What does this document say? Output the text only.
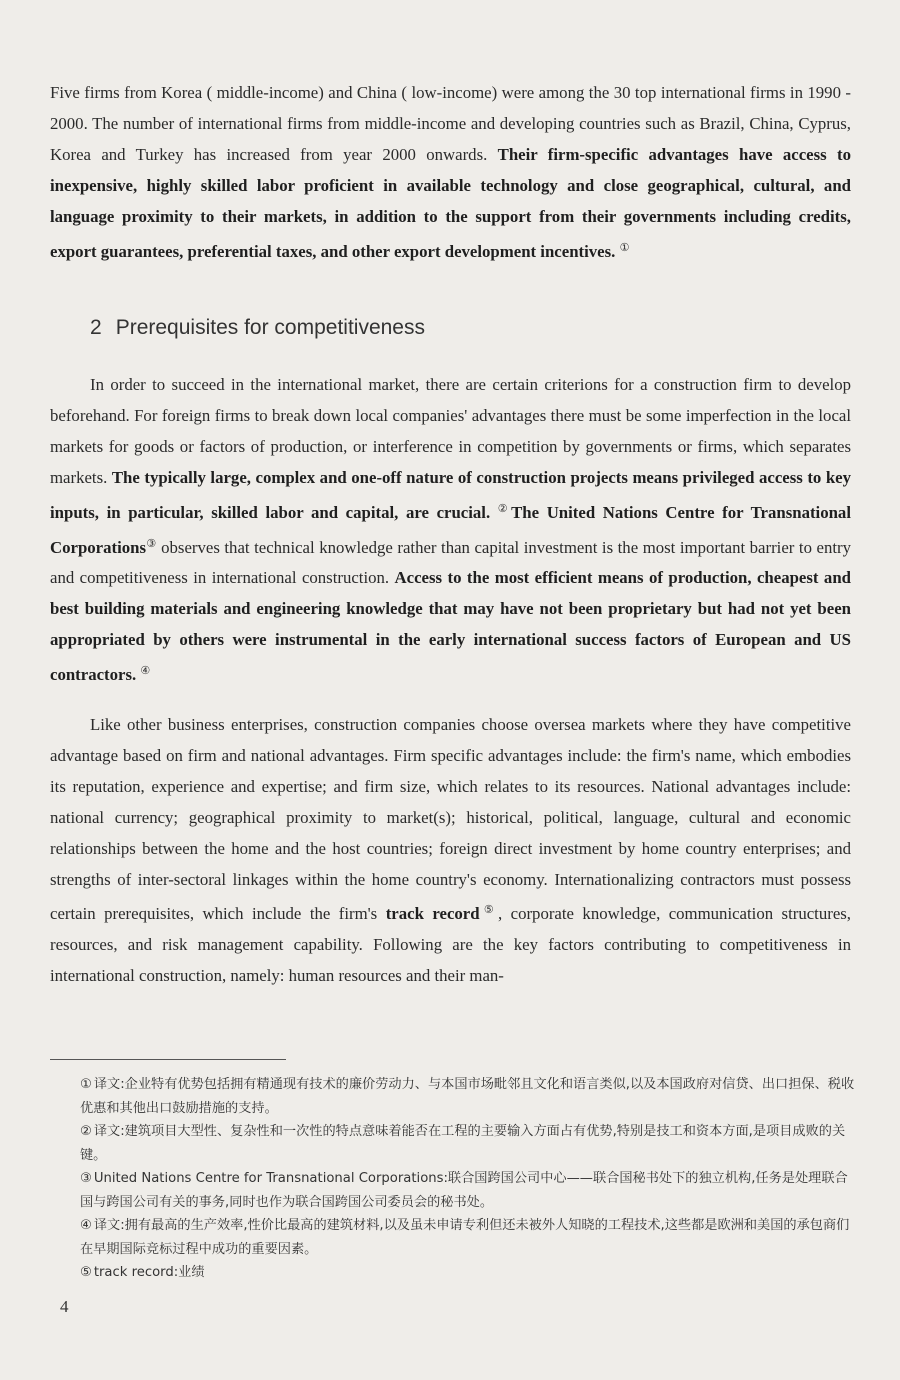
Five firms from Korea ( middle-income) and China ( low-income) were among the 30 top international firms in 1990 - 2000. The number of international firms from middle-income and developing countries such as Brazil, China, Cyprus, Korea and Turkey has increased from year 2000 onwards. Their firm-specific advantages have access to inexpensive, highly skilled labor proficient in available technology and close geographical, cultural, and language proximity to their markets, in addition to the support from their governments including credits, export guarantees, preferential taxes, and other export development incentives. ①

2 Prerequisites for competitiveness

In order to succeed in the international market, there are certain criterions for a construction firm to develop beforehand. For foreign firms to break down local companies' advantages there must be some imperfection in the local markets for goods or factors of production, or interference in competition by governments or firms, which separates markets. The typically large, complex and one-off nature of construction projects means privileged access to key inputs, in particular, skilled labor and capital, are crucial. ②The United Nations Centre for Transnational Corporations③ observes that technical knowledge rather than capital investment is the most important barrier to entry and competitiveness in international construction. Access to the most efficient means of production, cheapest and best building materials and engineering knowledge that may have not been proprietary but had not yet been appropriated by others were instrumental in the early international success factors of European and US contractors. ④

Like other business enterprises, construction companies choose oversea markets where they have competitive advantage based on firm and national advantages. Firm specific advantages include: the firm's name, which embodies its reputation, experience and expertise; and firm size, which relates to its resources. National advantages include: national currency; geographical proximity to market(s); historical, political, language, cultural and economic relationships between the home and the host countries; foreign direct investment by home country enterprises; and strengths of inter-sectoral linkages within the home country's economy. Internationalizing contractors must possess certain prerequisites, which include the firm's track record⑤, corporate knowledge, communication structures, resources, and risk management capability. Following are the key factors contributing to competitiveness in international construction, namely: human resources and their man-

① 译文:企业特有优势包括拥有精通现有技术的廉价劳动力、与本国市场毗邻且文化和语言类似,以及本国政府对信贷、出口担保、税收优惠和其他出口鼓励措施的支持。
② 译文:建筑项目大型性、复杂性和一次性的特点意味着能否在工程的主要输入方面占有优势,特别是技工和资本方面,是项目成败的关键。
③ United Nations Centre for Transnational Corporations:联合国跨国公司中心——联合国秘书处下的独立机构,任务是处理联合国与跨国公司有关的事务,同时也作为联合国跨国公司委员会的秘书处。
④ 译文:拥有最高的生产效率,性价比最高的建筑材料,以及虽未申请专利但还未被外人知晓的工程技术,这些都是欧洲和美国的承包商们在早期国际竞标过程中成功的重要因素。
⑤ track record:业绩
4
